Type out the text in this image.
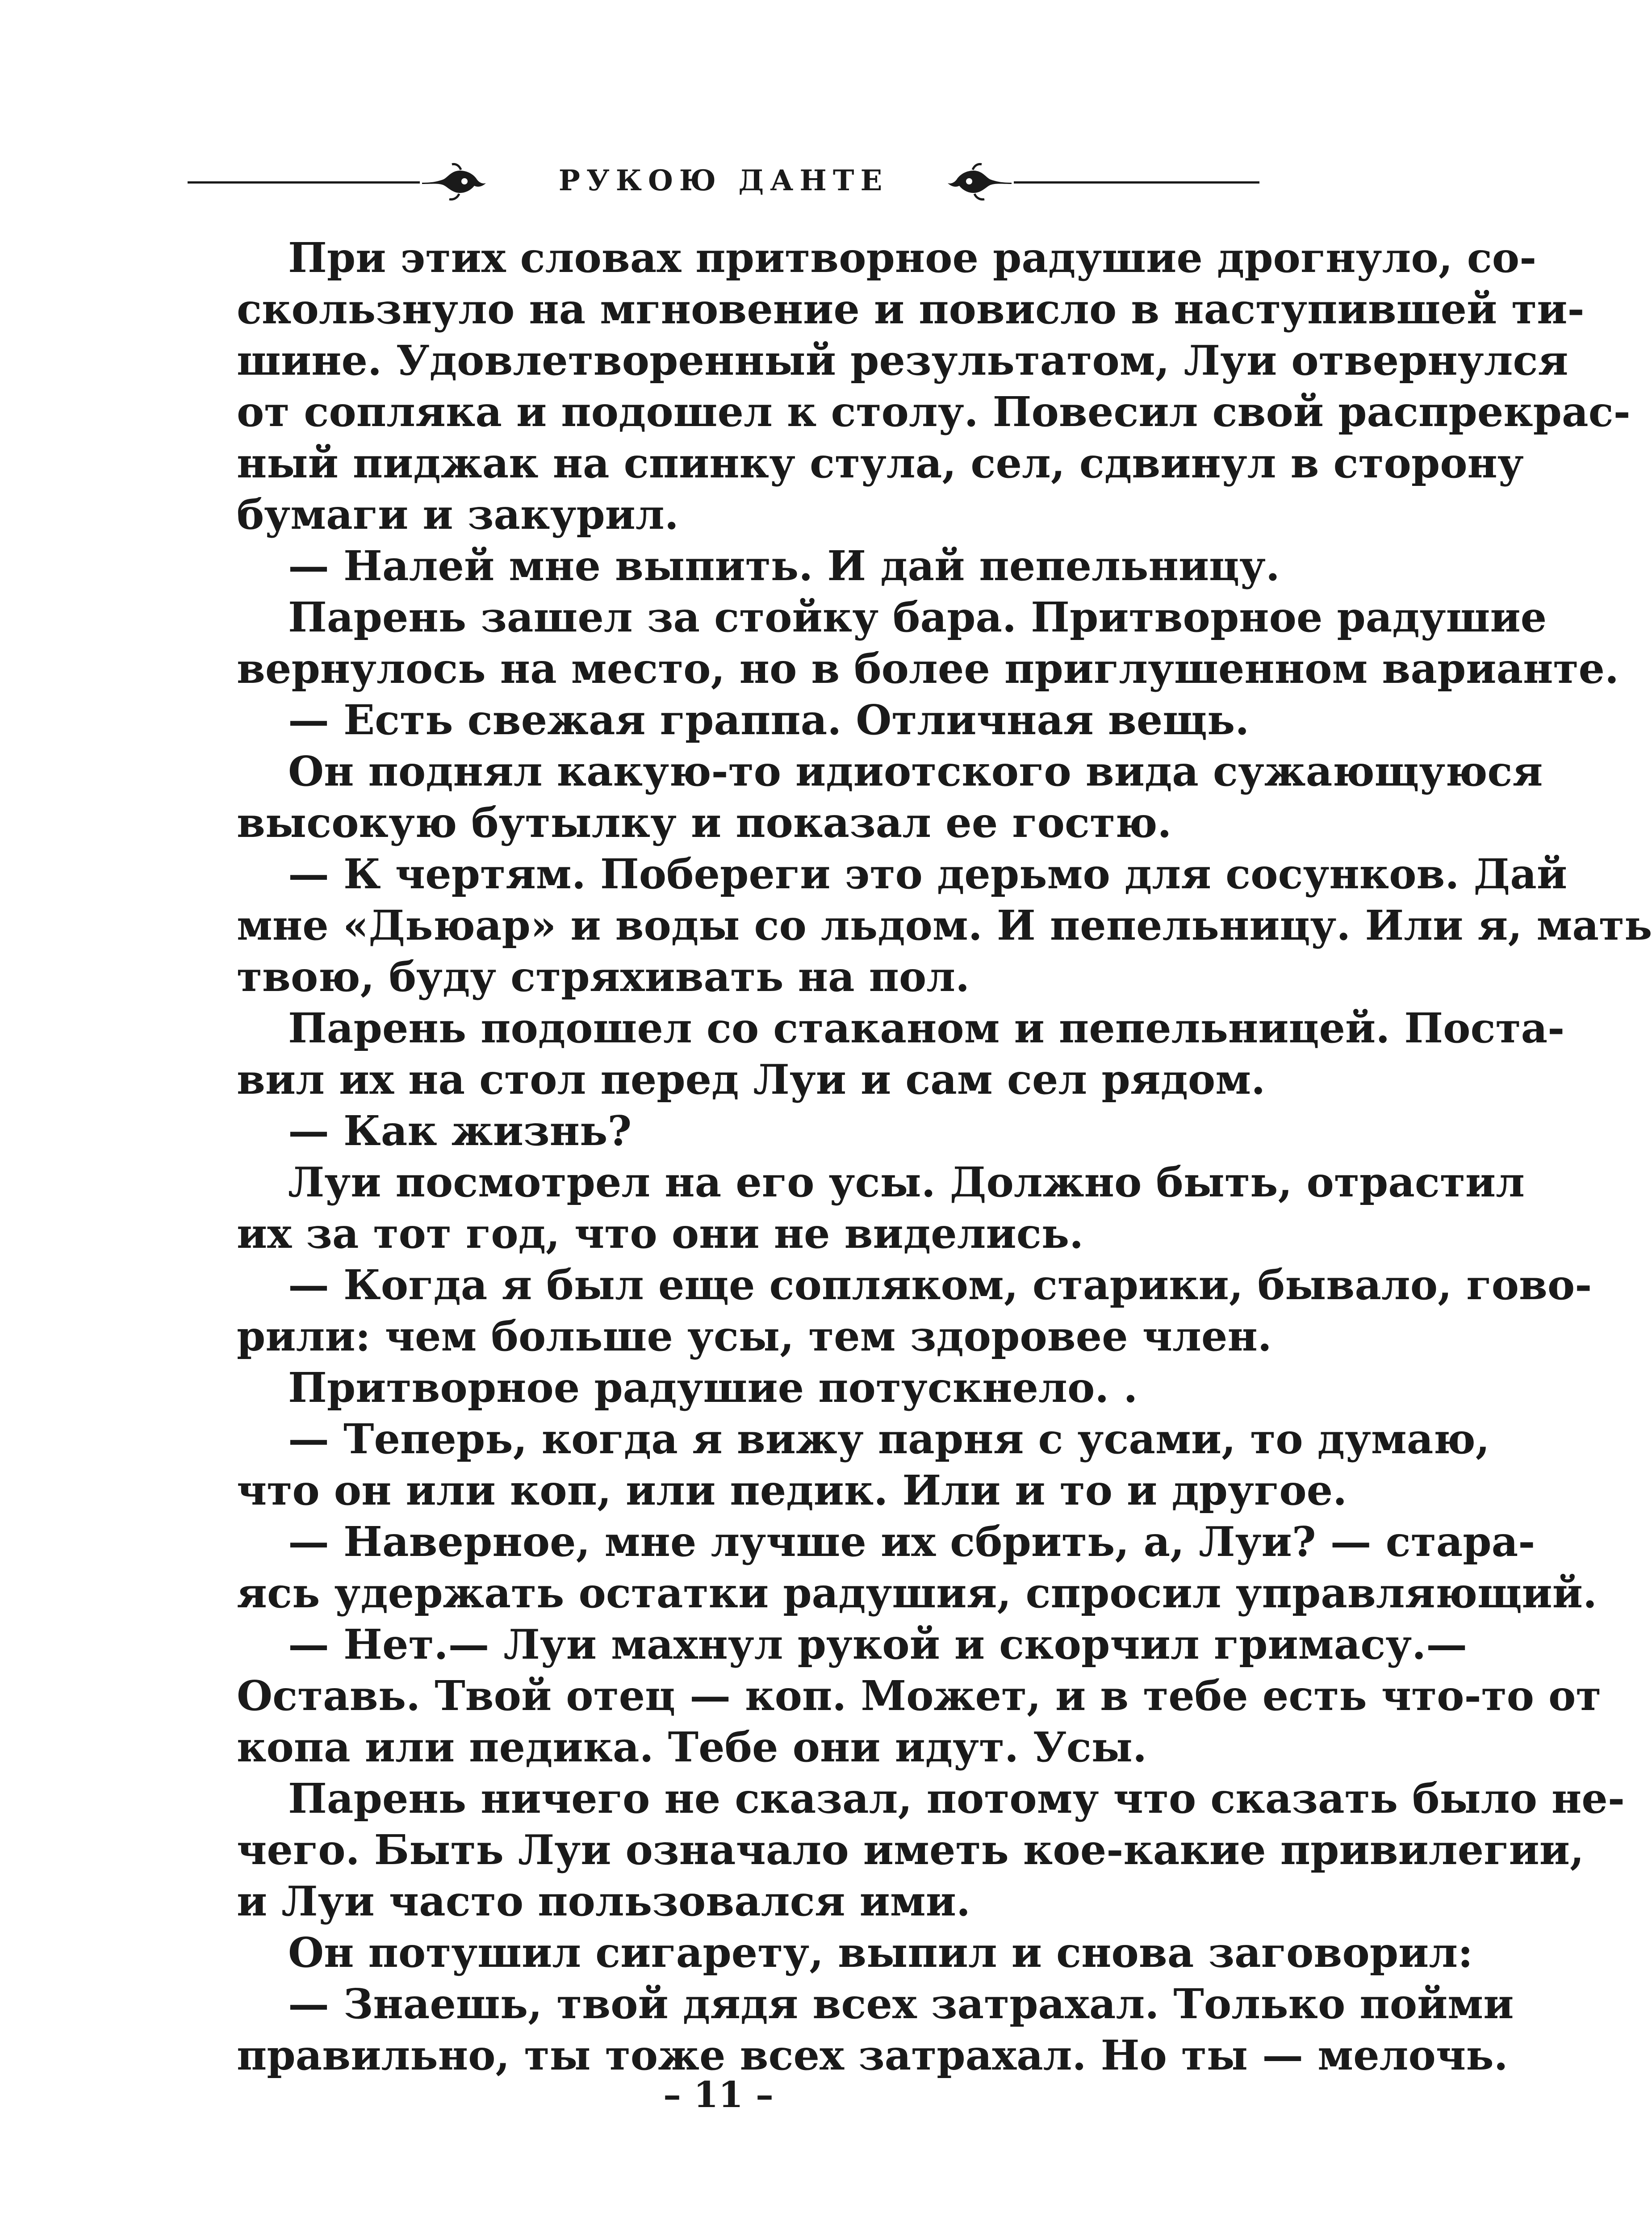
РУКОЮ ДАНТЕ
При этих словах притворное радушие дрогнуло, со-
скользнуло на мгновение и повисло в наступившей ти-
шине. Удовлетворенный результатом, Луи отвернулся
от сопляка и подошел к столу. Повесил свой распрекрас-
ный пиджак на спинку стула, сел, сдвинул в сторону
бумаги и закурил.
— Налей мне выпить. И дай пепельницу.
Парень зашел за стойку бара. Притворное радушие
вернулось на место, но в более приглушенном варианте.
— Есть свежая граппа. Отличная вещь.
Он поднял какую-то идиотского вида сужающуюся
высокую бутылку и показал ее гостю.
— К чертям. Побереги это дерьмо для сосунков. Дай
мне «Дьюар» и воды со льдом. И пепельницу. Или я, мать
твою, буду стряхивать на пол.
Парень подошел со стаканом и пепельницей. Поста-
вил их на стол перед Луи и сам сел рядом.
— Как жизнь?
Луи посмотрел на его усы. Должно быть, отрастил
их за тот год, что они не виделись.
— Когда я был еще сопляком, старики, бывало, гово-
рили: чем больше усы, тем здоровее член.
Притворное радушие потускнело. .
— Теперь, когда я вижу парня с усами, то думаю,
что он или коп, или педик. Или и то и другое.
— Наверное, мне лучше их сбрить, а, Луи? — стара-
ясь удержать остатки радушия, спросил управляющий.
— Нет.— Луи махнул рукой и скорчил гримасу.—
Оставь. Твой отец — коп. Может, и в тебе есть что-то от
копа или педика. Тебе они идут. Усы.
Парень ничего не сказал, потому что сказать было не-
чего. Быть Луи означало иметь кое-какие привилегии,
и Луи часто пользовался ими.
Он потушил сигарету, выпил и снова заговорил:
— Знаешь, твой дядя всех затрахал. Только пойми
правильно, ты тоже всех затрахал. Но ты — мелочь.
– 11 –
